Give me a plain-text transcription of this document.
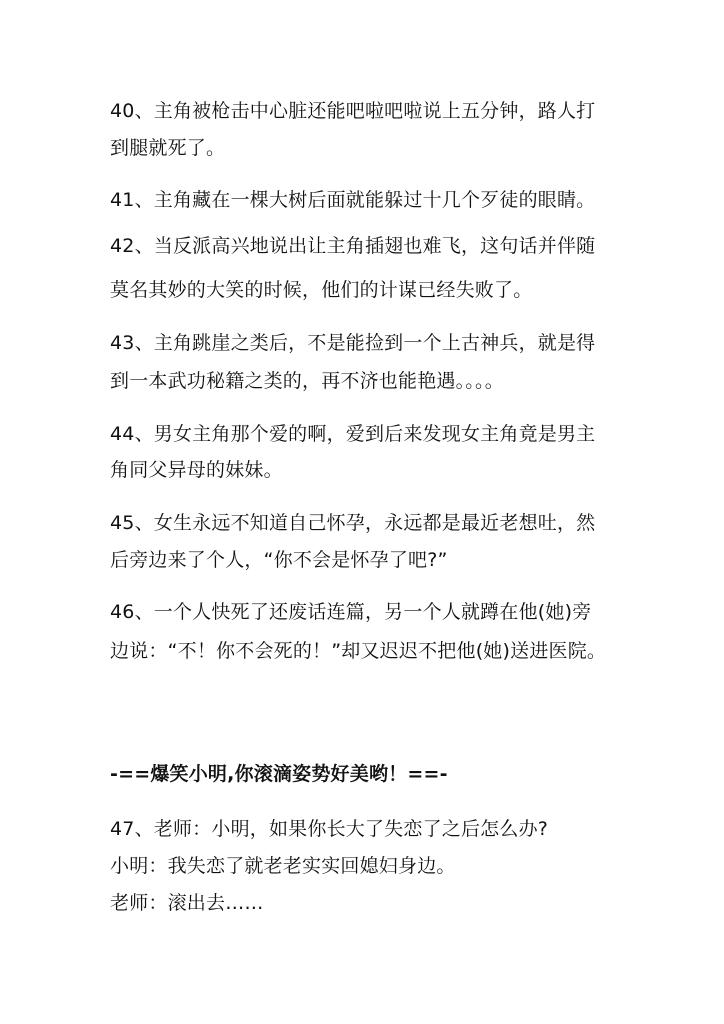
40、主角被枪击中心脏还能吧啦吧啦说上五分钟，路人打
到腿就死了。
41、主角藏在一棵大树后面就能躲过十几个歹徒的眼睛。
42、当反派高兴地说出让主角插翅也难飞，这句话并伴随
莫名其妙的大笑的时候，他们的计谋已经失败了。
43、主角跳崖之类后，不是能捡到一个上古神兵，就是得
到一本武功秘籍之类的，再不济也能艳遇。。。。
44、男女主角那个爱的啊，爱到后来发现女主角竟是男主
角同父异母的妹妹。
45、女生永远不知道自己怀孕，永远都是最近老想吐，然
后旁边来了个人，“你不会是怀孕了吧?”
46、一个人快死了还废话连篇，另一个人就蹲在他(她)旁
边说：“不！你不会死的！”却又迟迟不把他(她)送进医院。
-==爆笑小明,你滚滴姿势好美哟！==-
47、老师：小明，如果你长大了失恋了之后怎么办?
小明：我失恋了就老老实实回媳妇身边。
老师：滚出去……
